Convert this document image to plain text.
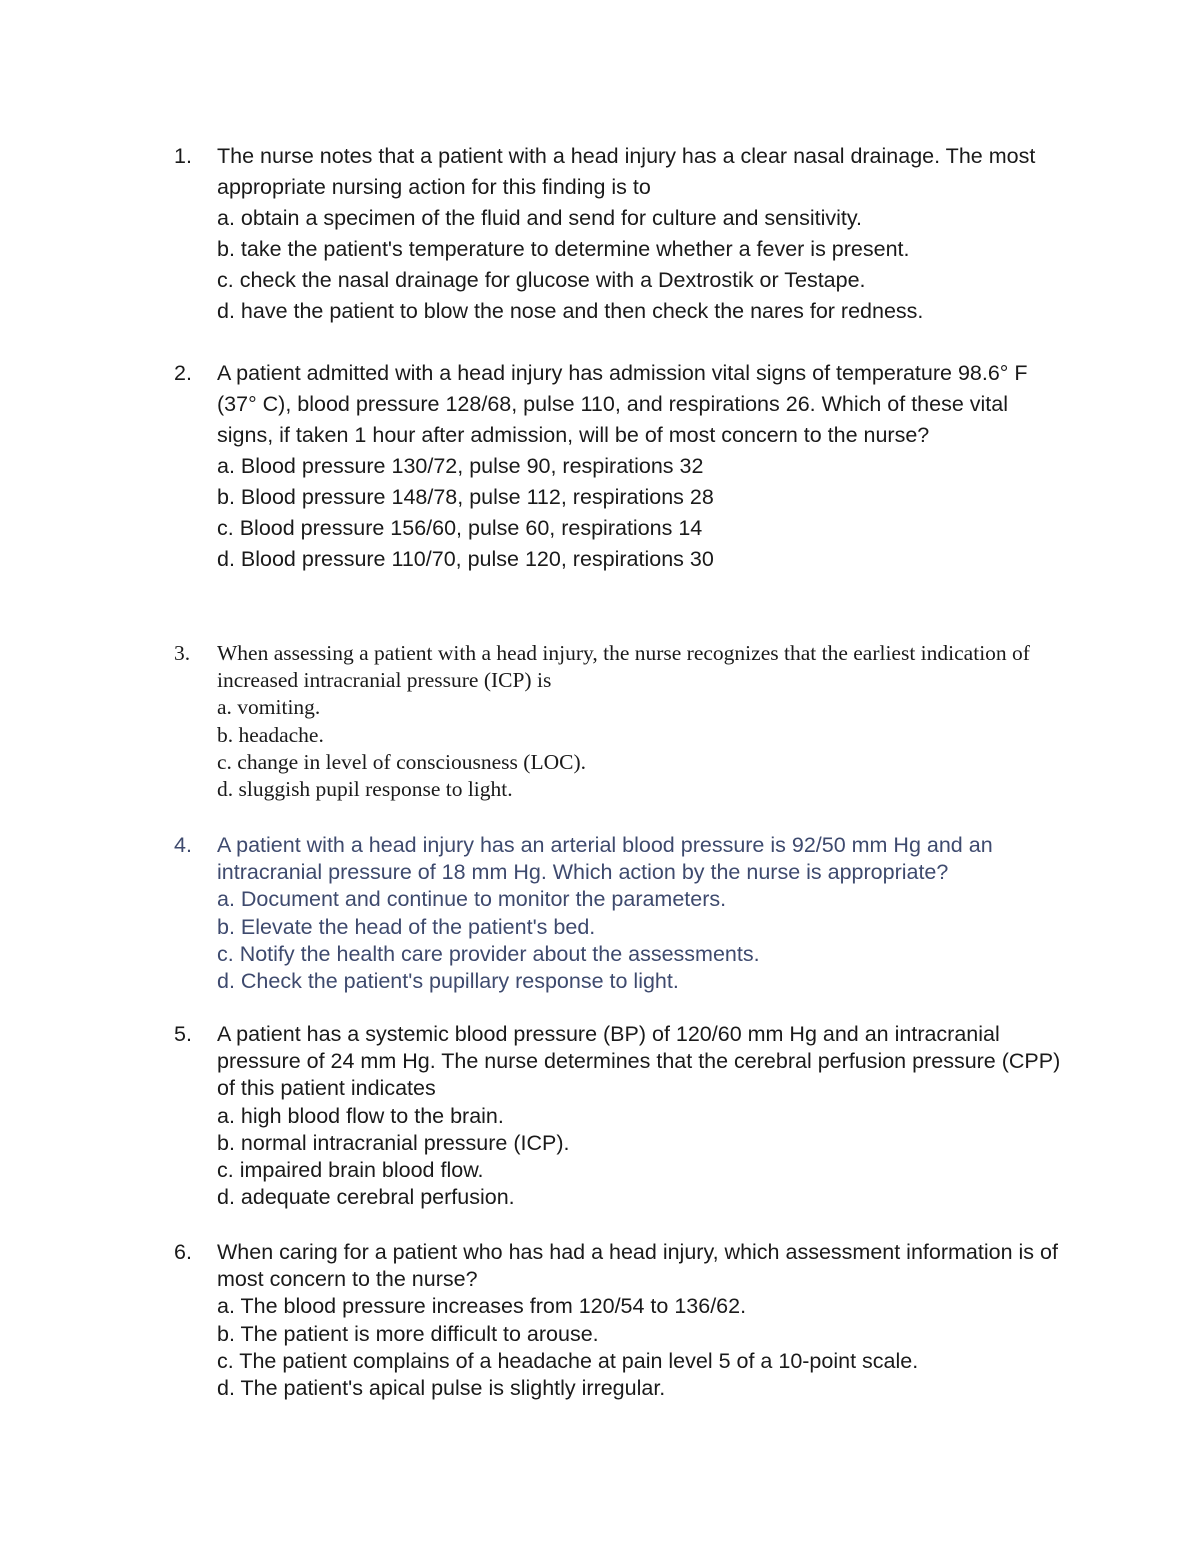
1.	The nurse notes that a patient with a head injury has a clear nasal drainage. The most appropriate nursing action for this finding is to

a. obtain a specimen of the fluid and send for culture and sensitivity.

b. take the patient's temperature to determine whether a fever is present.

c. check the nasal drainage for glucose with a Dextrostik or Testape.

d. have the patient to blow the nose and then check the nares for redness.

2.	A patient admitted with a head injury has admission vital signs of temperature 98.6° F (37° C), blood pressure 128/68, pulse 110, and respirations 26. Which of these vital signs, if taken 1 hour after admission, will be of most concern to the nurse?

a. Blood pressure 130/72, pulse 90, respirations 32

b. Blood pressure 148/78, pulse 112, respirations 28

c. Blood pressure 156/60, pulse 60, respirations 14

d. Blood pressure 110/70, pulse 120, respirations 30

3.	When assessing a patient with a head injury, the nurse recognizes that the earliest indication of increased intracranial pressure (ICP) is

a. vomiting.

b. headache.

c. change in level of consciousness (LOC).

d. sluggish pupil response to light.

4.	A patient with a head injury has an arterial blood pressure is 92/50 mm Hg and an intracranial pressure of 18 mm Hg. Which action by the nurse is appropriate?

a. Document and continue to monitor the parameters.

b. Elevate the head of the patient's bed.

c. Notify the health care provider about the assessments.

d. Check the patient's pupillary response to light.

5.	A patient has a systemic blood pressure (BP) of 120/60 mm Hg and an intracranial pressure of 24 mm Hg. The nurse determines that the cerebral perfusion pressure (CPP) of this patient indicates

a. high blood flow to the brain.

b. normal intracranial pressure (ICP).

c. impaired brain blood flow.

d. adequate cerebral perfusion.

6.	When caring for a patient who has had a head injury, which assessment information is of most concern to the nurse?

a. The blood pressure increases from 120/54 to 136/62.

b. The patient is more difficult to arouse.

c. The patient complains of a headache at pain level 5 of a 10-point scale.

d. The patient's apical pulse is slightly irregular.
